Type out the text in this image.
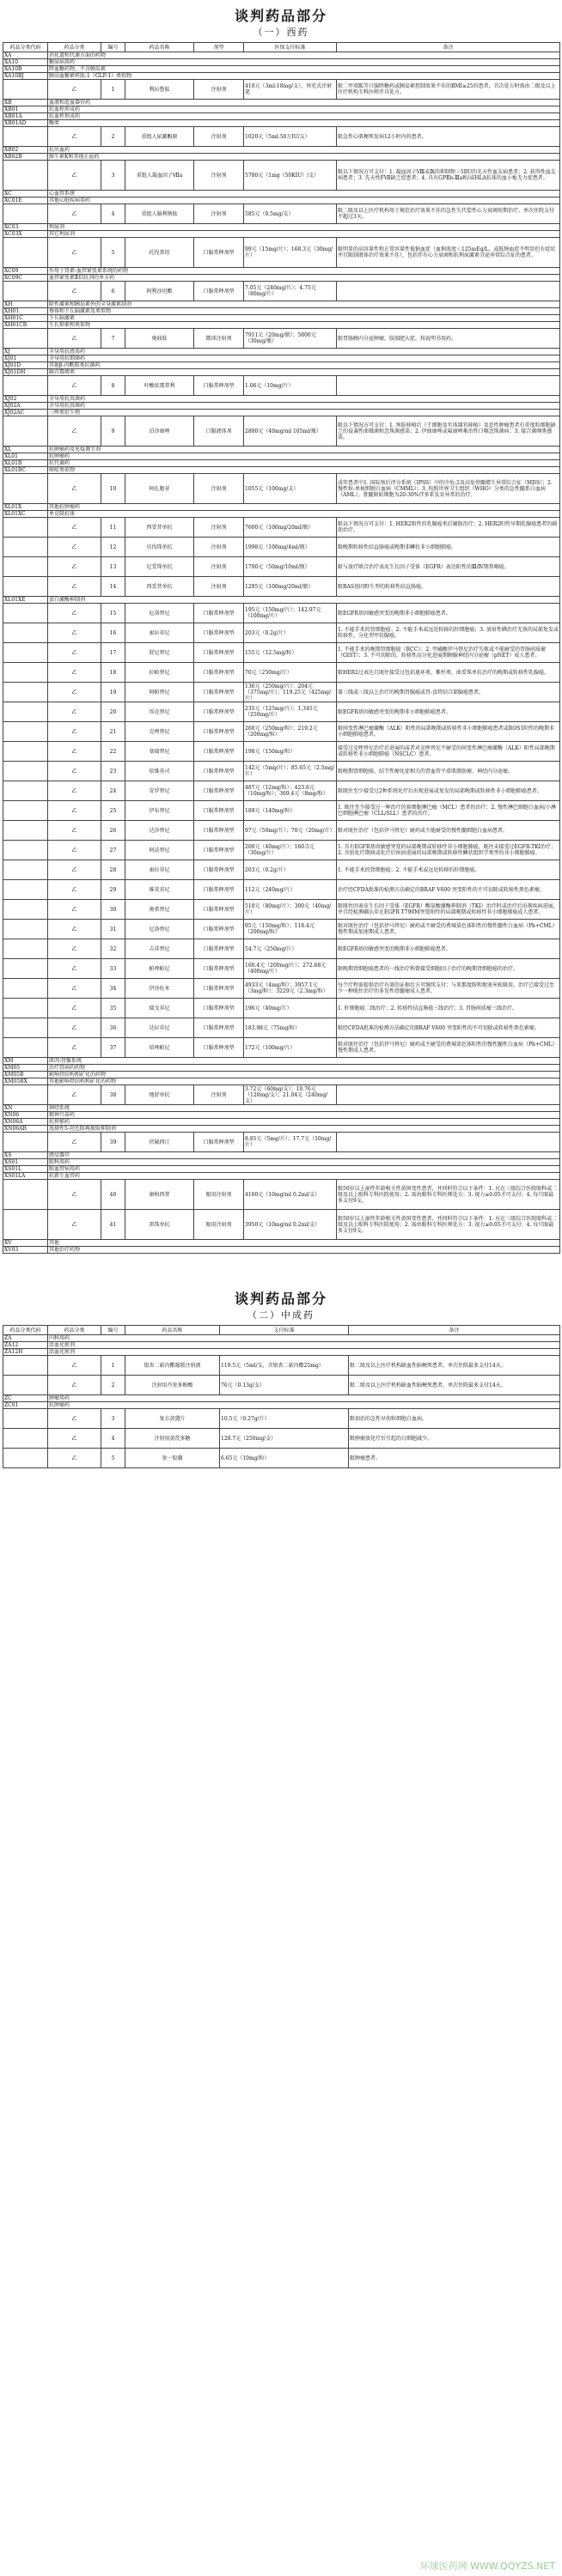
谈判药品部分
（一）西药
药品分类代码	药品分类	编号	药品名称	剂型	医保支付标准	备注
XA	消化道和代谢方面的药物					
XA10	糖尿病用药					
XA10B	降血糖药物，不含胰岛素					
XA10BJ	胰高血糖素样肽-1（GLP-1）类似物					
	乙	1	利拉鲁肽	注射剂	410元（3ml:18mg/支），预充式注射笔	限二甲双胍等口服降糖药或胰岛素控制效果不佳的BMI≥25的患者，首次处方时需由二级及以上医疗机构专科医师开具处方。
XB	血液和造血器官药					
XB01	抗血栓形成药					
XB01A	抗血栓形成药					
XB01AD	酶类					
	乙	2	重组人尿激酶原	注射剂	1020元（5ml:50万IU/支）	限急性心肌梗死发病12小时内的患者。
XB02	抗出血药					
XB02B	维生素K和其他止血药					
	乙	3	重组人凝血因子Ⅶa	注射剂	5780元（1mg（50KIU）/支）	限以下情况方可支付：1. 凝血因子Ⅷ或Ⅸ的抑制物＞5BU的先天性血友病患者；2. 获得性血友病患者；3. 先天性FⅦ缺乏症患者；4. 具有GPⅡb-Ⅲa和/或HLA抗体的血小板无力症患者。
XC	心血管系统					
XC01E	其他心脏疾病用药					
	乙	4	重组人脑利钠肽	注射剂	585元（0.5mg/支）	限二级及以上医疗机构用于规范治疗效果不佳的急性失代偿性心力衰竭短期治疗，单次住院支付不超过3天。
XC03	利尿剂					
XC03X	其它利尿剂					
	乙	5	托伐普坦	口服常释剂型	99元（15mg/片）；168.3元（30mg/片）	限明显的高容量性和正常容量性低钠血症（血钠浓度＜125mEq/L，或低钠血症不明显但有症状并且限制液体治疗效果不佳），包括伴有心力衰竭和抗利尿激素分泌异常综合征的患者。
XC09	作用于肾素-血管紧张素系统的药物					
XC09C	血管紧张素Ⅱ拮抗剂的单方药					
	乙	6	阿利沙坦酯	口服常释剂型	7.05元（240mg/片）；4.75元（80mg/片）	
XH	除性激素和胰岛素外的全身激素制剂					
XH01	垂体和下丘脑激素及类似物					
XH01C	下丘脑激素					
XH01CB	生长抑素和类似物					
	乙	7	奥曲肽	微球注射剂	7911元（20mg/瓶）；5800元（30mg/瓶）	限胃肠胰内分泌肿瘤，肢端肥大症，按说明书用药。
XJ	全身用抗感染药					
XJ01	全身用抗细菌药					
XJ01D	其他β-内酰胺类抗菌药					
XJ01DH	碳青霉烯类					
	乙	8	叶酸依那普利	口服常释剂型	1.06元（10mg/片）	
XJ02	全身用抗真菌药					
XJ02A	全身用抗真菌药					
XJ02AC	三唑类衍生物					
	乙	9	泊沙康唑	口服液体剂	2800元（40mg/ml 105ml/瓶）	限以下情况方可支付：1. 预防移植后（干细胞及实体器官移植）及恶性肿瘤患者有重度粒细胞缺乏的侵袭性曲霉菌和念珠菌感染；2. 伊曲康唑或氟康唑难治性口咽念珠菌病；3. 接合菌纲类感染。
XL	抗肿瘤药及免疫调节剂					
XL01	抗肿瘤药					
XL01B	抗代谢药					
XL01BC	嘧啶类似物					
	乙	10	阿扎胞苷	注射剂	1055元（100mg/支）	成年患者中1. 国际预后评分系统（IPSS）中的中危-2及高危骨髓增生异常综合征（MDS）；2. 慢性粒-单核细胞白血病（CMML）；3. 按照世界卫生组织（WHO）分类的急性髓系白血病（AML），骨髓原始细胞为20-30%伴多系发育异常的治疗。
XL01X	其他抗肿瘤药					
XL01XC	单克隆抗体					
	乙	11	西妥昔单抗	注射剂	7600元（100mg/20ml/瓶）	限以下情况方可支付：1. HER2阳性的乳腺癌术后辅助治疗；2. HER2阳性早期乳腺癌患者的辅助治疗。
	乙	12	贝伐珠单抗	注射剂	1998元（100mg/4ml/瓶）	限晚期转移性结直肠癌或晚期非鳞状非小细胞肺癌。
	乙	13	尼妥珠单抗	注射剂	1700元（50mg/10ml/瓶）	限与放疗联合治疗表皮生长因子受体（EGFR）表达阳性的Ⅲ/Ⅳ期鼻咽癌。
	乙	14	西妥昔单抗	注射剂	1295元（100mg/20ml/瓶）	限RAS基因野生型的转移性结直肠癌。
XL01XE	蛋白激酶抑制剂					
	乙	15	厄洛替尼	口服常释剂型	195元（150mg/片）；142.97元（100mg/片）	限EGFR基因敏感突变的晚期非小细胞肺癌患者。
	乙	16	索拉非尼	口服常释剂型	203元（0.2g/片）	1. 不能手术的肾细胞癌；2. 不能手术或远处转移的肝细胞癌；3. 放射性碘治疗无效的局部复发或转移性、分化型甲状腺癌。
	乙	17	舒尼替尼	口服常释剂型	155元（12.5mg/粒）	1. 不能手术的晚期肾细胞癌（RCC）；2. 甲磺酸伊马替尼治疗失败或不能耐受的胃肠间质瘤（GIST）；3. 不可切除的，转移性高分化进展期胰腺神经内分泌瘤（pNET）成人患者。
	乙	18	拉帕替尼	口服常释剂型	70元（250mg/片）	限HER2过表达且既往接受过包括蒽环类、紫杉类、曲妥珠单抗治疗的晚期或转移性乳腺癌。
	乙	19	阿帕替尼	口服常释剂型	136元（250mg/片）；204元（375mg/片）；119.25元（425mg/片）	第三线或三线以上治疗的晚期胃腺癌或胃-食管结合部腺癌患者。
	乙	20	埃克替尼	口服常释剂型	235元（125mg/片）；1,345元（250mg/片）	限EGFR基因敏感突变的晚期非小细胞肺癌患者。
	乙	21	克唑替尼	口服常释剂型	260元（250mg/粒）；219.2元（200mg/粒）	限间变性淋巴瘤激酶（ALK）阳性的局部晚期或转移性非小细胞肺癌患者或ROS1阳性的晚期非小细胞肺癌患者。
	乙	22	塞瑞替尼	口服常释剂型	198元（150mg/粒）	接受过克唑替尼治疗后进展的或者对克唑替尼不耐受的间变性淋巴瘤激酶（ALK）阳性局部晚期或转移性非小细胞肺癌（NSCLC）患者。
	乙	23	依维莫司	口服常释剂型	142元（5mg/片）；85.65元（2.5mg/片）	限晚期肾细胞癌、结节性硬化症相关的肾血管平滑肌脂肪瘤、神经内分泌瘤。
	乙	24	安罗替尼	口服常释剂型	487元（12mg/粒）；423.6元（10mg/粒）；369.4元（8mg/粒）	限既往至少接受过2种系统化疗后出现进展或复发的局部晚期或转移性非小细胞肺癌患者。
	乙	25	伊布替尼	口服常释剂型	189元（140mg/粒）	1. 既往至少接受过一种治疗的套细胞淋巴瘤（MCL）患者的治疗；2. 慢性淋巴细胞白血病/小淋巴细胞淋巴瘤（CLL/SLL）患者的治疗。
	乙	26	达沙替尼	口服常释剂型	97元（50mg/片）；70元（20mg/片）	限对既往治疗（包括伊马替尼）耐药或不能耐受的慢性髓细胞白血病患者。
	乙	27	阿法替尼	口服常释剂型	200元（40mg/片）；160.5元（30mg/片）	1. 具有EGFR基因敏感突变的局部晚期或转移性非小细胞肺癌，既往未接受过EGFR-TKI治疗；2. 含铂化疗期间或化疗后疾病进展的局部晚期或转移性鳞状组织学类型的非小细胞肺癌。
	乙	28	索拉非尼	口服常释剂型	203元（0.2g/片）	1. 不能手术的肾细胞癌；2. 不能手术或远处转移的肝细胞癌。
	乙	29	维莫非尼	口服常释剂型	112元（240mg/片）	治疗经CFDA批准的检测方法确定的BRAF V600 突变阳性的不可切除或转移性黑色素瘤。
	乙	30	奥希替尼	口服常释剂型	510元（80mg/片）；300元（40mg/片）	限既往因表皮生长因子受体（EGFR）酪氨酸激酶抑制剂（TKI）治疗时或治疗后出现疾病进展，并且经检测确认存在EGFR T790M突变阳性的局部晚期或转移性非小细胞肺癌成人患者。
	乙	31	尼洛替尼	口服常释剂型	95元（150mg/粒）；118.4元（200mg/粒）	限对既往治疗（包括伊马替尼）耐药或不耐受的费城染色体阳性的慢性髓性白血病（Ph+CML）慢性期或加速期成人患者。
	乙	32	吉非替尼	口服常释剂型	54.7元（250mg/片）	限EGFR基因敏感突变的晚期非小细胞肺癌患者。
	乙	33	帕唑帕尼	口服常释剂型	160.4元（200mg/片）；272.68元（400mg/片）	限晚期肾细胞癌患者的一线治疗和曾接受细胞因子治疗的晚期肾细胞癌的治疗。
	乙	34	伊沙佐米	口服常释剂型	4933元（4mg/粒）；3957.1元（3mg/粒）；3229元（2.3mg/粒）	每个疗程需提供治疗有效的证据后方可继续支付；与来那度胺和地塞米松联用，治疗已接受过至少一种既往治疗的多发性骨髓瘤成人患者。
	乙	35	瑞戈非尼	口服常释剂型	196元（40mg/片）	1. 肝细胞癌二线治疗；2. 转移性结直肠癌三线治疗；3. 胃肠间质瘤三线治疗。
	乙	36	达拉非尼	口服常释剂型	183.98元（75mg/粒）	限经CFDA批准的检测方法确定的BRAF V600 突变阳性的不可切除或转移性黑色素瘤。
	乙	37	培唑帕尼	口服常释剂型	172元（100mg/片）	限对既往治疗（包括伊马替尼）耐药或不耐受的费城染色体阳性的慢性髓性白血病（Ph+CML）慢性期成人患者。
XM	肌肉-骨骼系统					
XM05	治疗骨病的药物					
XM05B	影响骨结构和矿化的药物					
XM05BX	其他影响骨结构和矿化的药物					
	乙	38	地舒单抗	注射剂	3.72元（60mg/支）；10.76元（120mg/支）；21.04元（240mg/支）	
XN	神经系统					
XN06	精神兴奋药					
XN06A	抗抑郁药					
XN06AB	选择性5-羟色胺再摄取抑制剂					
	乙	39	伏硫西汀	口服常释剂型	8.85元（5mg/片）；17.7元（10mg/片）	
XS	感觉器官					
XS01	眼科用药					
XS01L	眼血管病用药					
XS01LA	抗新生血管药					
	乙	40	康柏西普	眼用注射剂	4160元（10mg/ml 0.2ml/支）	限50岁以上湿性年龄相关性黄斑变性患者，并同时符合以下条件：1. 应在三级综合医院眼科或二级及以上眼科专科医院使用；2. 需由眼科专科医师处方；3. 视力≥0.05才可支付；4. 每只眼最多支付9支。
	乙	41	雷珠单抗	眼用注射剂	3950元（10mg/ml 0.2ml/支）	限50岁以上湿性年龄相关性黄斑变性患者，并同时符合以下条件：1. 应在三级综合医院眼科或二级及以上眼科专科医院使用；2. 需由眼科专科医师处方；3. 视力≥0.05才可支付；4. 每只眼最多支付9支。
XV	其他					
XV03	其他治疗药物					
谈判药品部分
（二）中成药
药品分类代码	药品分类	编号	药品名称	支付标准	备注
ZA	内科用药				
ZA12	活血化瘀剂				
ZA12H	活血化瘀剂				
	乙	1	银杏二萜内酯葡胺注射液	119.5元（5ml/支，含银杏二萜内酯25mg）	限二级及以上医疗机构缺血性脑梗死患者，单次住院最多支付14天。
	乙	2	注射用丹参多酚酸	76元（0.13g/支）	限二级及以上医疗机构缺血性脑梗死患者，单次住院最多支付14天。
ZC	肿瘤用药				
ZC01	抗肿瘤药				
	乙	3	复方黄黛片	10.5元（0.27g/片）	限初治的急性早幼粒细胞白血病。
	乙	4	注射用黄芪多糖	128.7元（250mg/支）	限肿瘤放化疗后引起的白细胞减少。
	乙	5	参一胶囊	6.65元（10mg/粒）	限肿瘤患者。
环球医药网 WWW.QQYZS.NET
